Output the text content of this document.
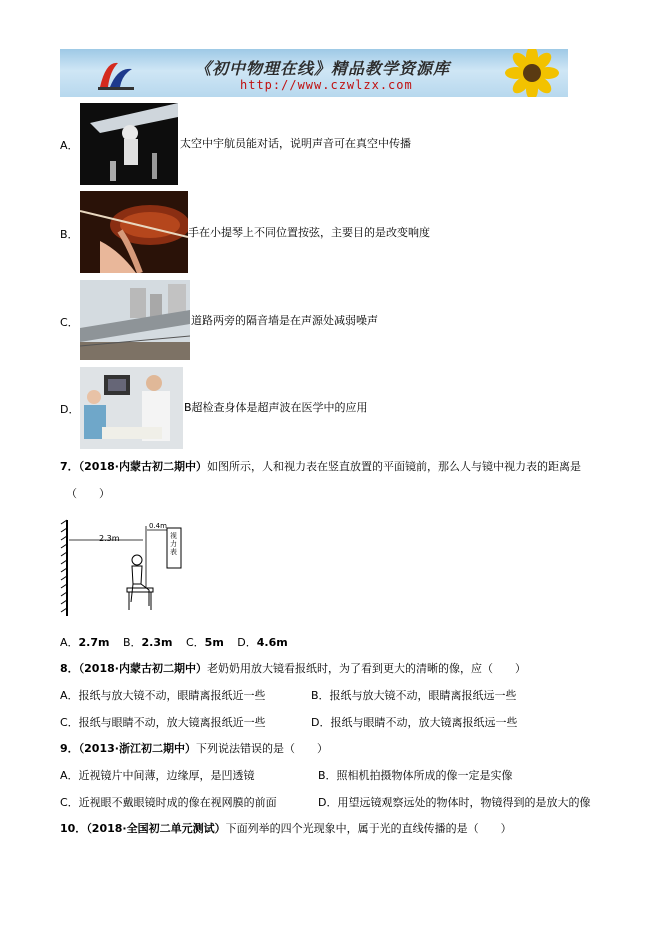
《初中物理在线》精品教学资源库
http://www.czwlzx.com
A．	太空中宇航员能对话，说明声音可在真空中传播
B．	手在小提琴上不同位置按弦，主要目的是改变响度
C．	道路两旁的隔音墙是在声源处减弱噪声
D．	B超检查身体是超声波在医学中的应用
7．（2018·内蒙古初二期中）如图所示，人和视力表在竖直放置的平面镜前，那么人与镜中视力表的距离是
（　　）
2.3m
0.4m
视力表
A．2.7m B．2.3m C．5m D．4.6m
8．（2018·内蒙古初二期中）老奶奶用放大镜看报纸时，为了看到更大的清晰的像，应（　　）
A．报纸与放大镜不动，眼睛离报纸近一些	B．报纸与放大镜不动，眼睛离报纸远一些
C．报纸与眼睛不动，放大镜离报纸近一些	D．报纸与眼睛不动，放大镜离报纸远一些
9．（2013·浙江初二期中）下列说法错误的是（　　）
A．近视镜片中间薄，边缘厚，是凹透镜	B．照相机拍摄物体所成的像一定是实像
C．近视眼不戴眼镜时成的像在视网膜的前面	D．用望远镜观察远处的物体时，物镜得到的是放大的像
10．（2018·全国初二单元测试）下面列举的四个光现象中，属于光的直线传播的是（　　）
